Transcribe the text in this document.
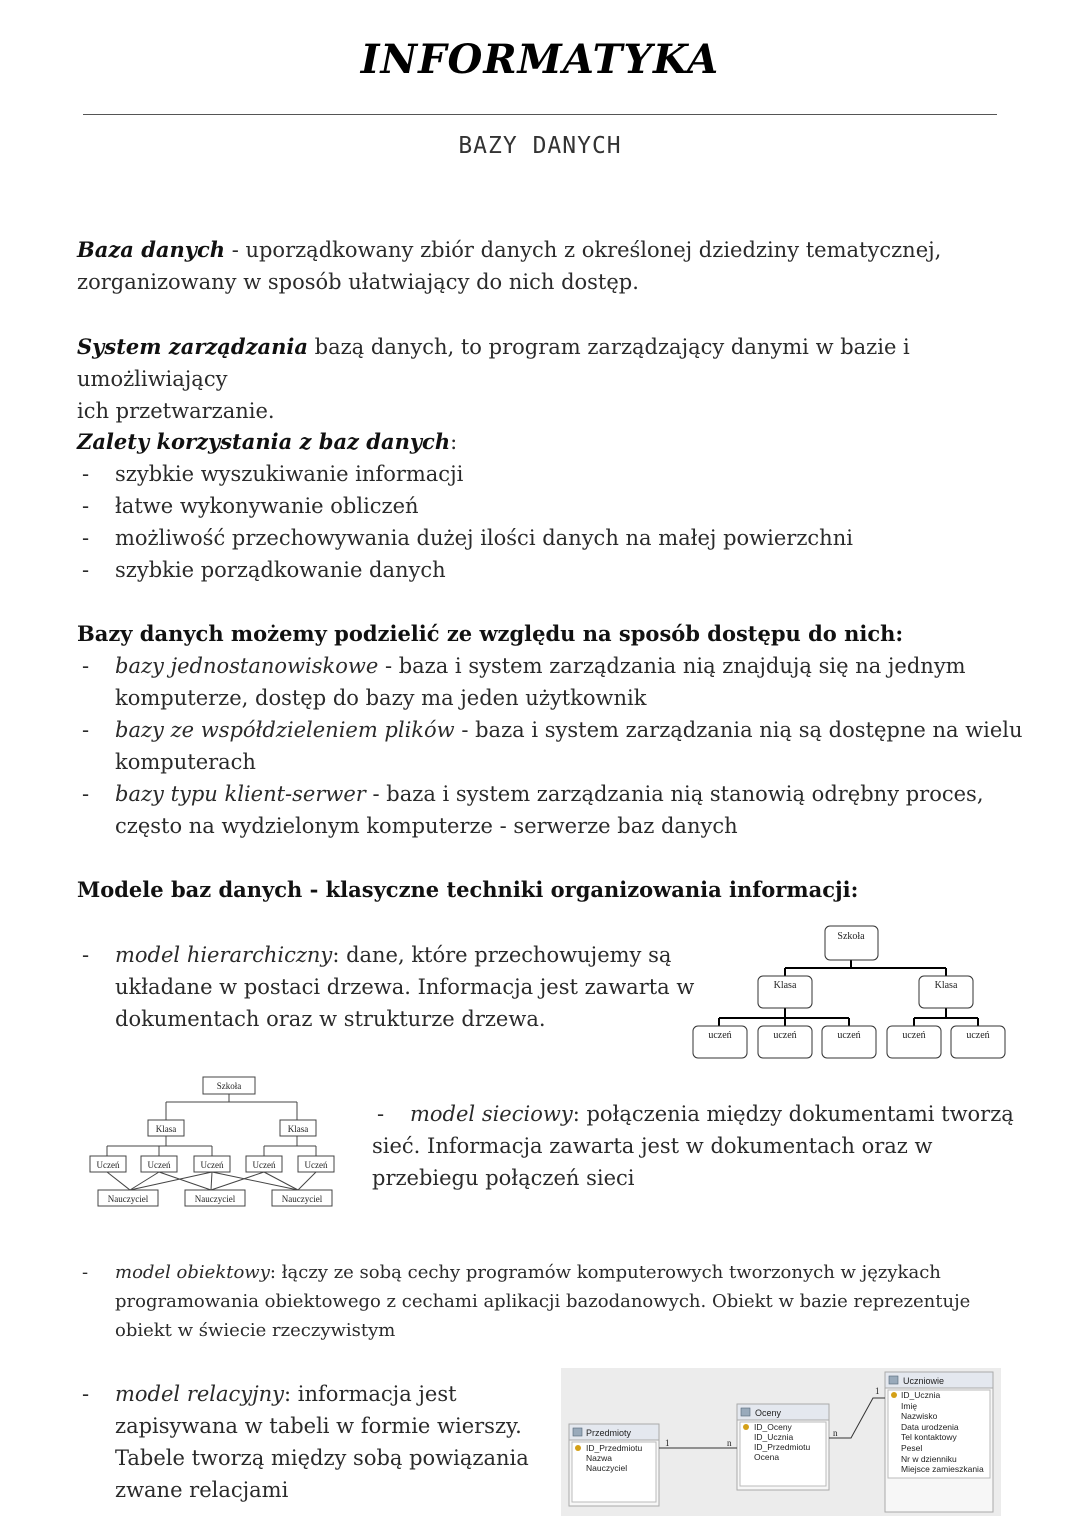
INFORMATYKA
BAZY DANYCH
Baza danych - uporządkowany zbiór danych z określonej dziedziny tematycznej,
zorganizowany w sposób ułatwiający do nich dostęp.
System zarządzania bazą danych, to program zarządzający danymi w bazie i umożliwiający
ich przetwarzanie.
Zalety korzystania z baz danych:
- szybkie wyszukiwanie informacji
- łatwe wykonywanie obliczeń
- możliwość przechowywania dużej ilości danych na małej powierzchni
- szybkie porządkowanie danych
Bazy danych możemy podzielić ze względu na sposób dostępu do nich:
- bazy jednostanowiskowe - baza i system zarządzania nią znajdują się na jednym
komputerze, dostęp do bazy ma jeden użytkownik
- bazy ze współdzieleniem plików - baza i system zarządzania nią są dostępne na wielu
komputerach
- bazy typu klient-serwer - baza i system zarządzania nią stanowią odrębny proces,
często na wydzielonym komputerze - serwerze baz danych
Modele baz danych - klasyczne techniki organizowania informacji:
- model hierarchiczny: dane, które przechowujemy są
układane w postaci drzewa. Informacja jest zawarta w
dokumentach oraz w strukturze drzewa.
Szkoła
Klasa	Klasa
uczeń	uczeń	uczeń	uczeń	uczeń
Szkoła
Klasa	Klasa
Uczeń	Uczeń	Uczeń	Uczeń	Uczeń
Nauczyciel	Nauczyciel	Nauczyciel
- model sieciowy: połączenia między dokumentami tworzą
sieć. Informacja zawarta jest w dokumentach oraz w
przebiegu połączeń sieci
- model obiektowy: łączy ze sobą cechy programów komputerowych tworzonych w językach
programowania obiektowego z cechami aplikacji bazodanowych. Obiekt w bazie reprezentuje
obiekt w świecie rzeczywistym
- model relacyjny: informacja jest
zapisywana w tabeli w formie wierszy.
Tabele tworzą między sobą powiązania
zwane relacjami
Przedmioty
ID_Przedmiotu
Nazwa
Nauczyciel
Oceny
ID_Oceny
ID_Ucznia
ID_Przedmiotu
Ocena
Uczniowie
ID_Ucznia
Imię
Nazwisko
Data urodzenia
Tel kontaktowy
Pesel
Nr w dzienniku
Miejsce zamieszkania
1	n
n
1
